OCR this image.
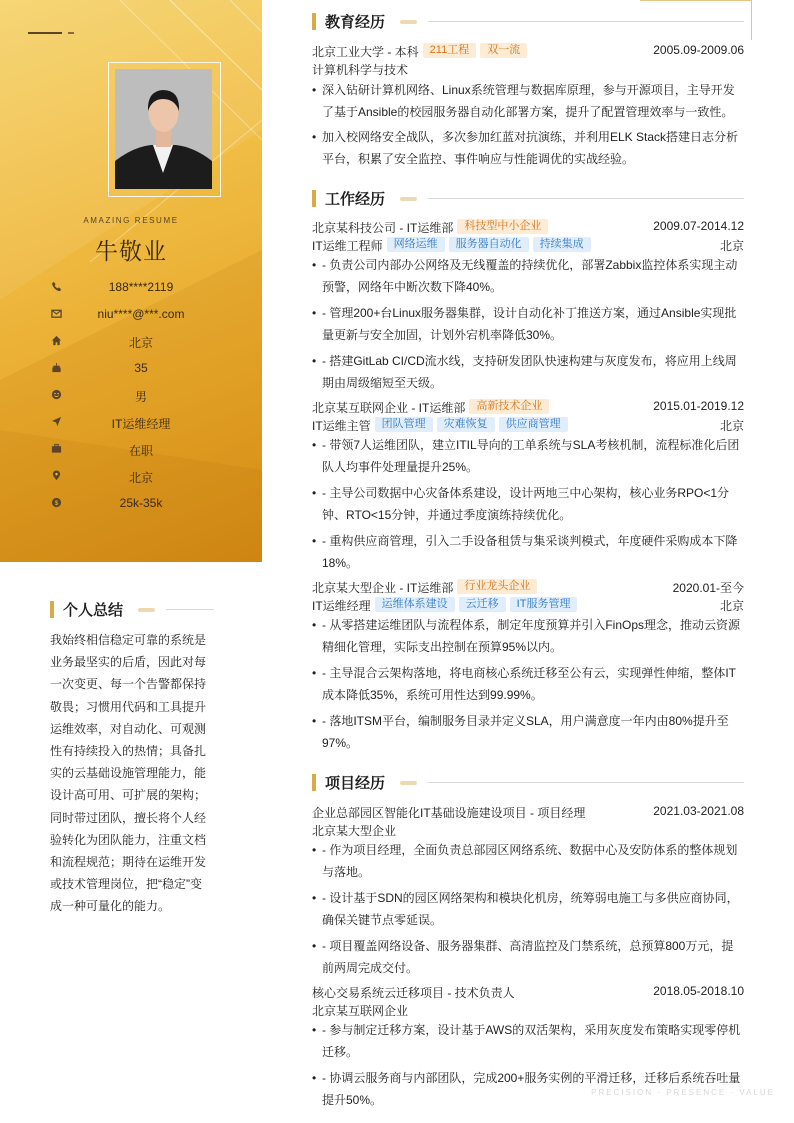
AMAZING RESUME
牛敬业
188****2119
niu****@***.com
北京
35
男
IT运维经理
在职
北京
$	25k-35k
个人总结
我始终相信稳定可靠的系统是
业务最坚实的后盾，因此对每
一次变更、每一个告警都保持
敬畏；习惯用代码和工具提升
运维效率，对自动化、可观测
性有持续投入的热情；具备扎
实的云基础设施管理能力，能
设计高可用、可扩展的架构；
同时带过团队，擅长将个人经
验转化为团队能力，注重文档
和流程规范；期待在运维开发
或技术管理岗位，把“稳定”变
成一种可量化的能力。
教育经历
北京工业大学 - 本科 211工程 双一流	2005.09-2009.06
计算机科学与技术
• 深入钻研计算机网络、Linux系统管理与数据库原理，参与开源项目，主导开发
了基于Ansible的校园服务器自动化部署方案，提升了配置管理效率与一致性。
• 加入校网络安全战队，多次参加红蓝对抗演练，并利用ELK Stack搭建日志分析
平台，积累了安全监控、事件响应与性能调优的实战经验。
工作经历
北京某科技公司 - IT运维部 科技型中小企业	2009.07-2014.12
IT运维工程师 网络运维 服务器自动化 持续集成	北京
• - 负责公司内部办公网络及无线覆盖的持续优化，部署Zabbix监控体系实现主动
预警，网络年中断次数下降40%。
• - 管理200+台Linux服务器集群，设计自动化补丁推送方案，通过Ansible实现批
量更新与安全加固，计划外宕机率降低30%。
• - 搭建GitLab CI/CD流水线，支持研发团队快速构建与灰度发布，将应用上线周
期由周级缩短至天级。
北京某互联网企业 - IT运维部 高新技术企业	2015.01-2019.12
IT运维主管 团队管理 灾难恢复 供应商管理	北京
• - 带领7人运维团队，建立ITIL导向的工单系统与SLA考核机制，流程标准化后团
队人均事件处理量提升25%。
• - 主导公司数据中心灾备体系建设，设计两地三中心架构，核心业务RPO<1分
钟、RTO<15分钟，并通过季度演练持续优化。
• - 重构供应商管理，引入二手设备租赁与集采谈判模式，年度硬件采购成本下降
18%。
北京某大型企业 - IT运维部 行业龙头企业	2020.01-至今
IT运维经理 运维体系建设 云迁移 IT服务管理	北京
• - 从零搭建运维团队与流程体系，制定年度预算并引入FinOps理念，推动云资源
精细化管理，实际支出控制在预算95%以内。
• - 主导混合云架构落地，将电商核心系统迁移至公有云，实现弹性伸缩，整体IT
成本降低35%，系统可用性达到99.99%。
• - 落地ITSM平台，编制服务目录并定义SLA，用户满意度一年内由80%提升至
97%。
项目经历
企业总部园区智能化IT基础设施建设项目 - 项目经理	2021.03-2021.08
北京某大型企业
• - 作为项目经理，全面负责总部园区网络系统、数据中心及安防体系的整体规划
与落地。
• - 设计基于SDN的园区网络架构和模块化机房，统筹弱电施工与多供应商协同，
确保关键节点零延误。
• - 项目覆盖网络设备、服务器集群、高清监控及门禁系统，总预算800万元，提
前两周完成交付。
核心交易系统云迁移项目 - 技术负责人	2018.05-2018.10
北京某互联网企业
• - 参与制定迁移方案，设计基于AWS的双活架构，采用灰度发布策略实现零停机
迁移。
• - 协调云服务商与内部团队，完成200+服务实例的平滑迁移，迁移后系统吞吐量
提升50%。
PRECISION · PRESENCE · VALUE
